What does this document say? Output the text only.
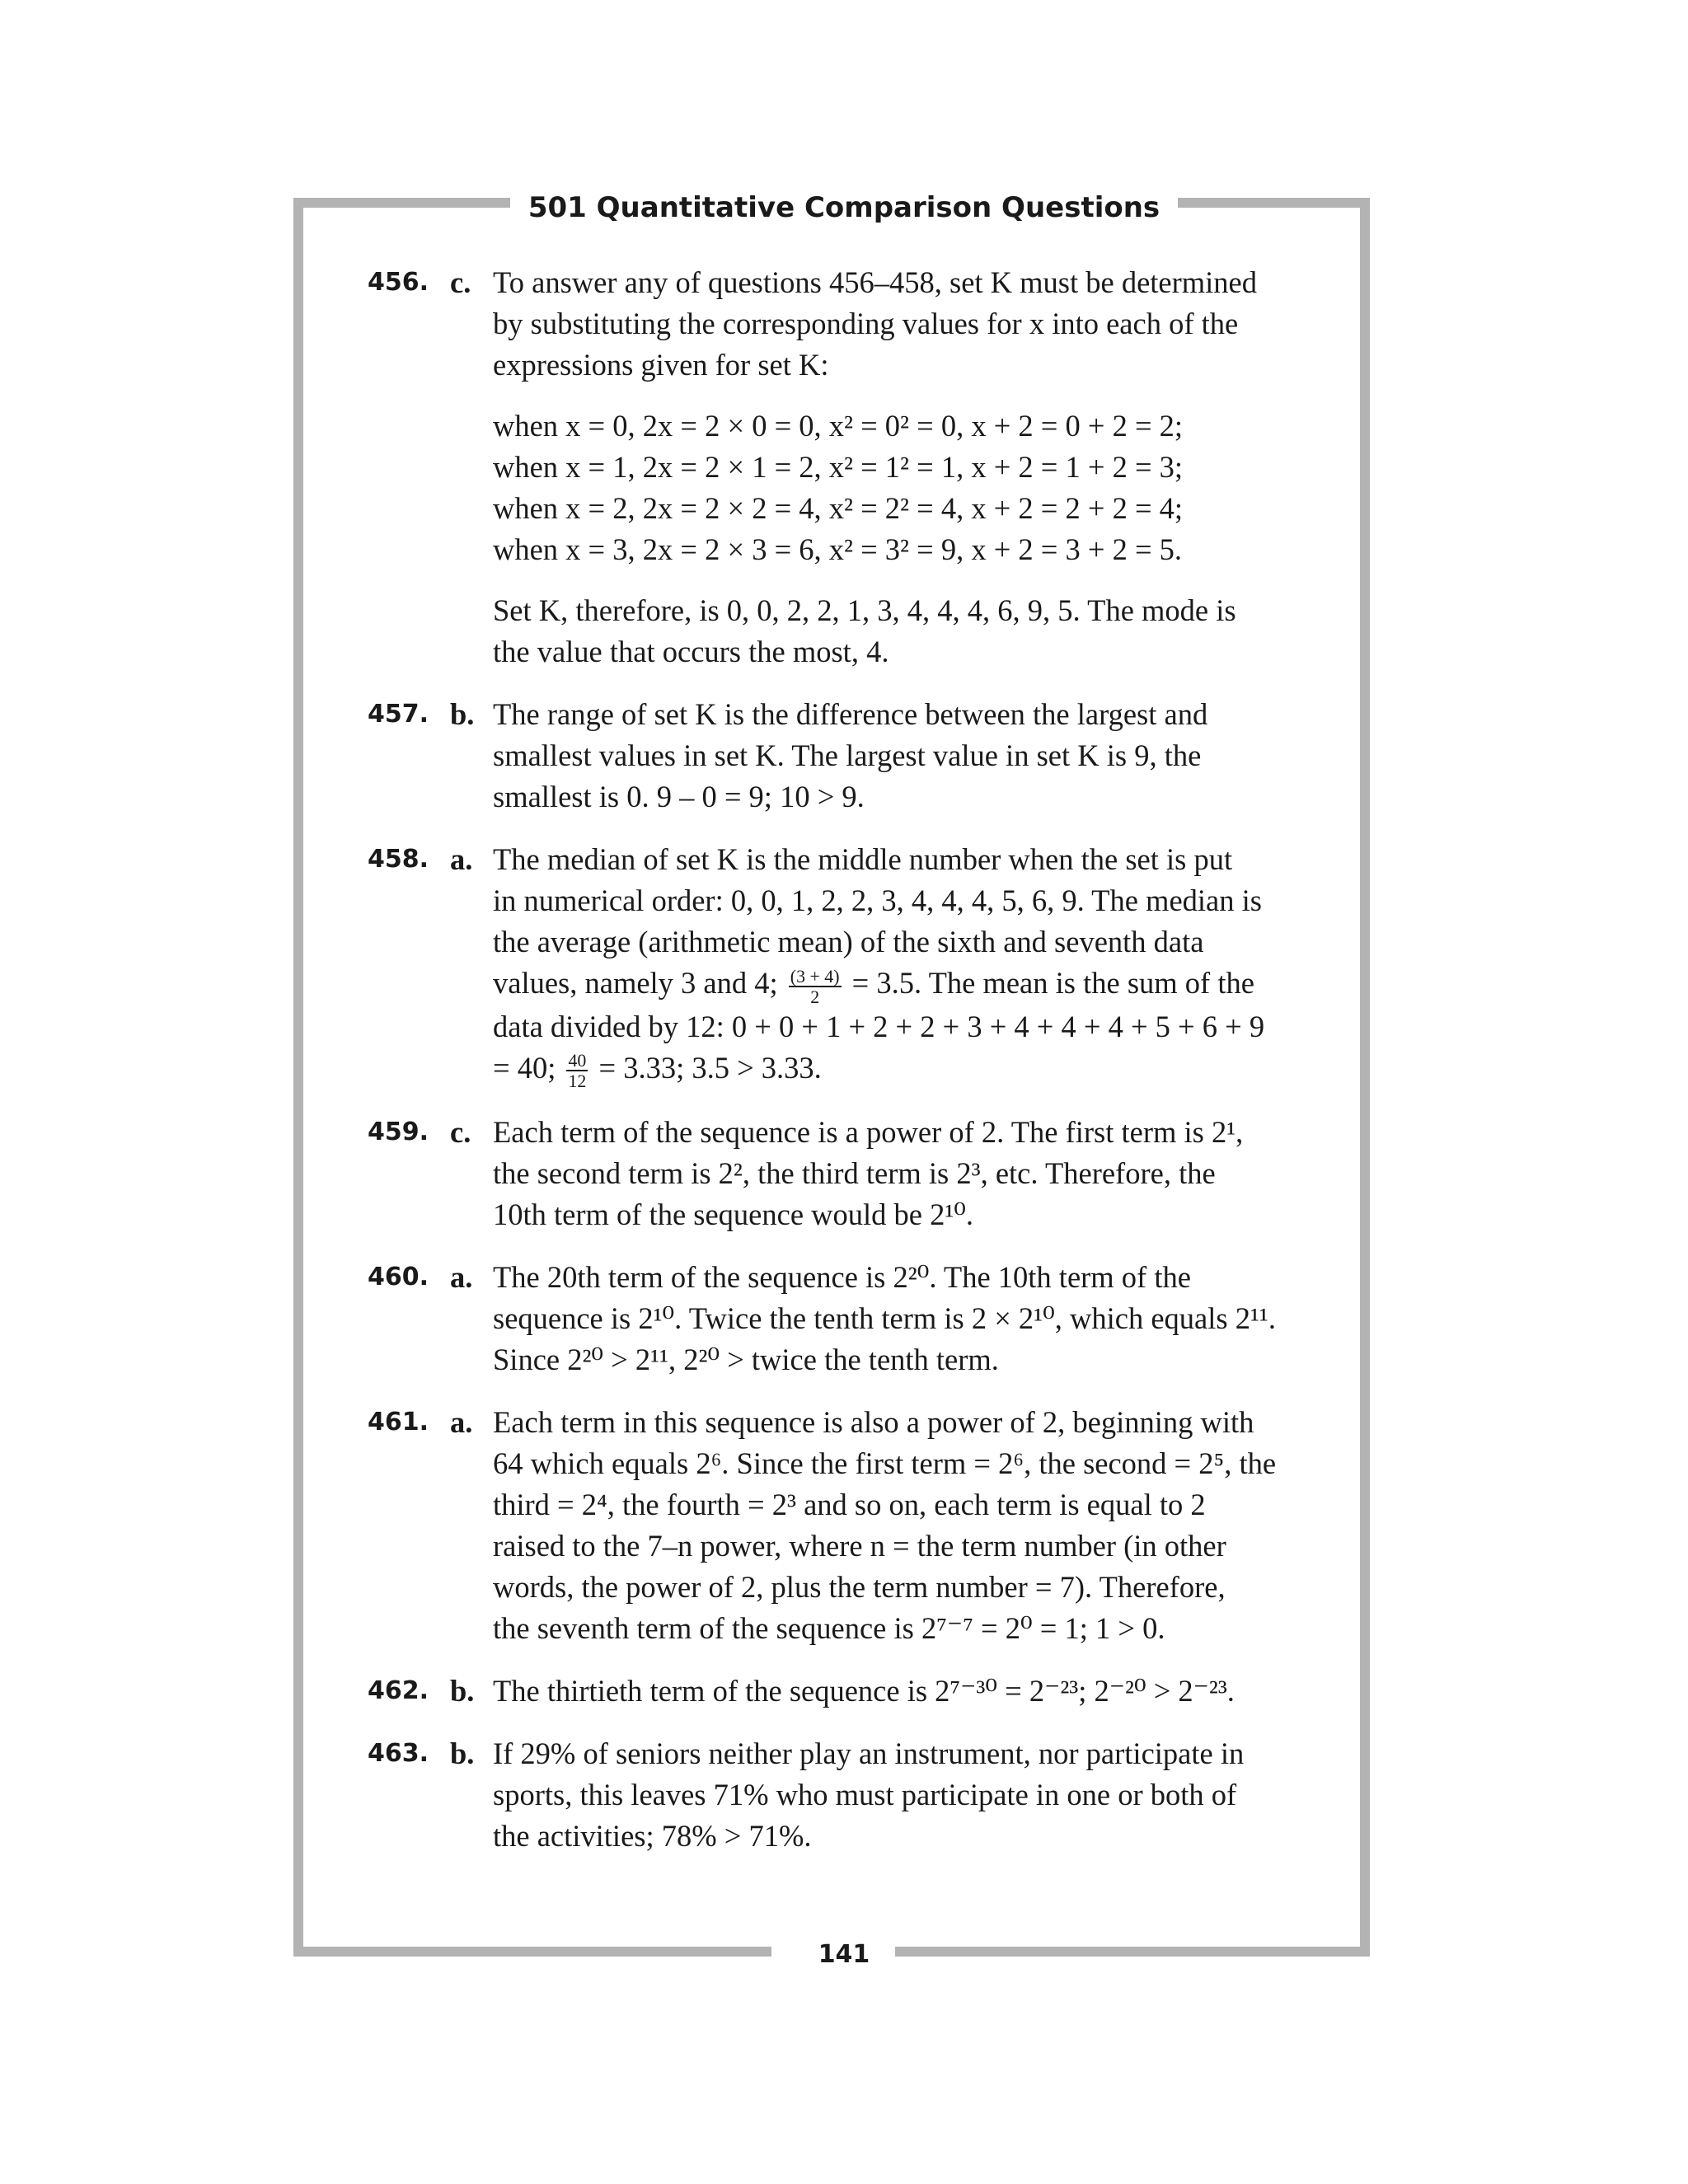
501 Quantitative Comparison Questions
456. c. To answer any of questions 456–458, set K must be determined
by substituting the corresponding values for x into each of the
expressions given for set K:
when x = 0, 2x = 2 × 0 = 0, x² = 0² = 0, x + 2 = 0 + 2 = 2;
when x = 1, 2x = 2 × 1 = 2, x² = 1² = 1, x + 2 = 1 + 2 = 3;
when x = 2, 2x = 2 × 2 = 4, x² = 2² = 4, x + 2 = 2 + 2 = 4;
when x = 3, 2x = 2 × 3 = 6, x² = 3² = 9, x + 2 = 3 + 2 = 5.
Set K, therefore, is 0, 0, 2, 2, 1, 3, 4, 4, 4, 6, 9, 5. The mode is
the value that occurs the most, 4.
457. b. The range of set K is the difference between the largest and
smallest values in set K. The largest value in set K is 9, the
smallest is 0. 9 – 0 = 9; 10 > 9.
458. a. The median of set K is the middle number when the set is put
in numerical order: 0, 0, 1, 2, 2, 3, 4, 4, 4, 5, 6, 9. The median is
the average (arithmetic mean) of the sixth and seventh data
values, namely 3 and 4; $\frac{(3 + 4)}{2} = 3.5$. The mean is the sum of the
data divided by 12: 0 + 0 + 1 + 2 + 2 + 3 + 4 + 4 + 4 + 5 + 6 + 9
= 40; $\frac{40}{12} = 3.33$; 3.5 > 3.33.
459. c. Each term of the sequence is a power of 2. The first term is 2¹,
the second term is 2², the third term is 2³, etc. Therefore, the
10th term of the sequence would be 2¹⁰.
460. a. The 20th term of the sequence is 2²⁰. The 10th term of the
sequence is 2¹⁰. Twice the tenth term is 2 × 2¹⁰, which equals 2¹¹.
Since 2²⁰ > 2¹¹, 2²⁰ > twice the tenth term.
461. a. Each term in this sequence is also a power of 2, beginning with
64 which equals 2⁶. Since the first term = 2⁶, the second = 2⁵, the
third = 2⁴, the fourth = 2³ and so on, each term is equal to 2
raised to the 7–n power, where n = the term number (in other
words, the power of 2, plus the term number = 7). Therefore,
the seventh term of the sequence is 2⁷⁻⁷ = 2⁰ = 1; 1 > 0.
462. b. The thirtieth term of the sequence is 2⁷⁻³⁰ = 2⁻²³; 2⁻²⁰ > 2⁻²³.
463. b. If 29% of seniors neither play an instrument, nor participate in
sports, this leaves 71% who must participate in one or both of
the activities; 78% > 71%.
141
